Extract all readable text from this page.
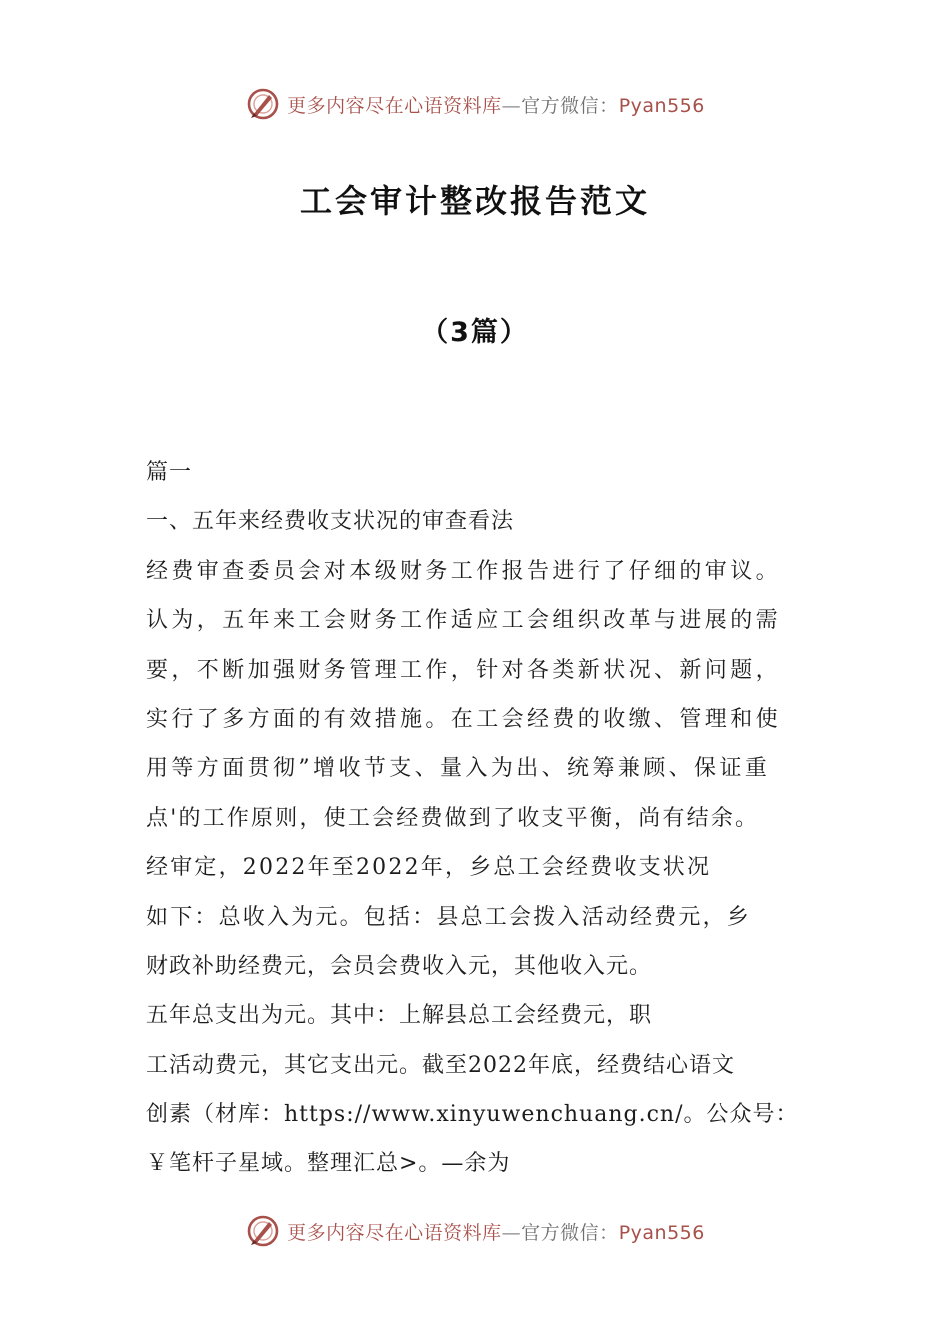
更多内容尽在心语资料库—官方微信：Pyan556
工会审计整改报告范文
（3篇）
篇一
一、五年来经费收支状况的审查看法
经费审查委员会对本级财务工作报告进行了仔细的审议。
认为，五年来工会财务工作适应工会组织改革与进展的需
要，不断加强财务管理工作，针对各类新状况、新问题，
实行了多方面的有效措施。在工会经费的收缴、管理和使
用等方面贯彻”增收节支、量入为出、统筹兼顾、保证重
点'的工作原则，使工会经费做到了收支平衡，尚有结余。
经审定，2022年至2022年，乡总工会经费收支状况
如下：总收入为元。包括：县总工会拨入活动经费元，乡
财政补助经费元，会员会费收入元，其他收入元。
五年总支出为元。其中：上解县总工会经费元，职
工活动费元，其它支出元。截至2022年底，经费结心语文
创素（材库：https://www.xinyuwenchuang.cn/。公众号：
￥笔杆子星域。整理汇总>。—余为
更多内容尽在心语资料库—官方微信：Pyan556
